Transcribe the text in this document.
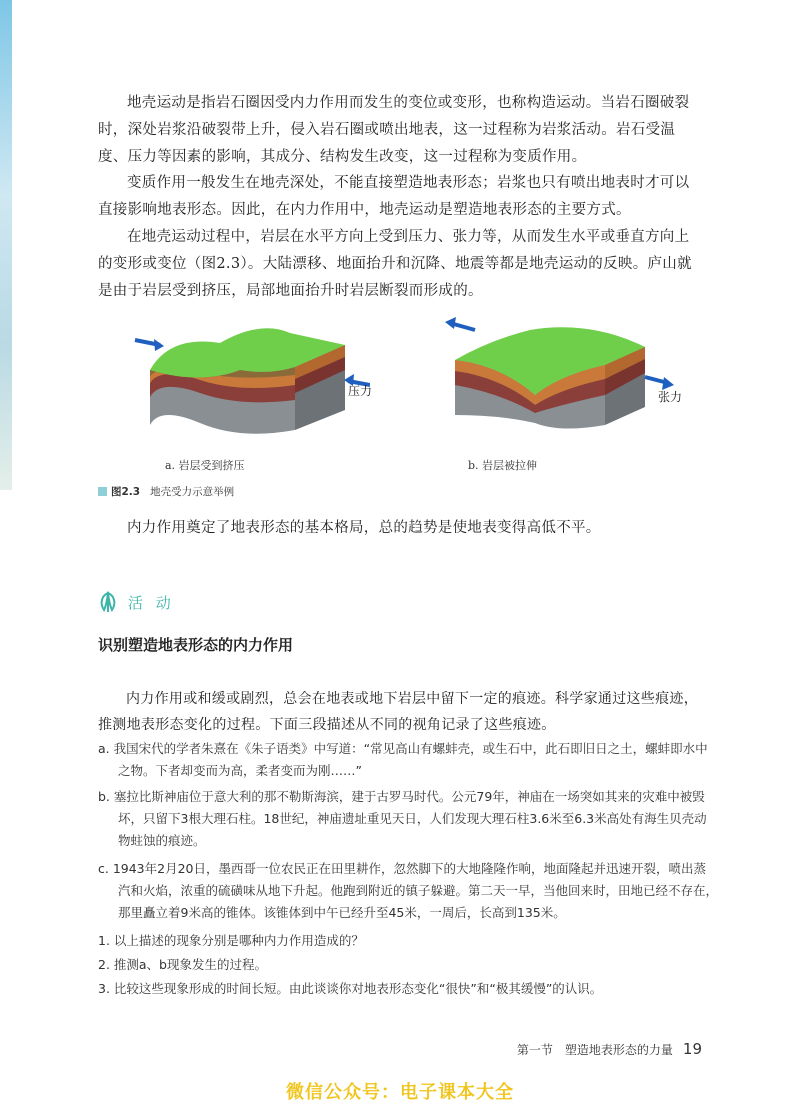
地壳运动是指岩石圈因受内力作用而发生的变位或变形，也称构造运动。当岩石圈破裂时，深处岩浆沿破裂带上升，侵入岩石圈或喷出地表，这一过程称为岩浆活动。岩石受温度、压力等因素的影响，其成分、结构发生改变，这一过程称为变质作用。

变质作用一般发生在地壳深处，不能直接塑造地表形态；岩浆也只有喷出地表时才可以直接影响地表形态。因此，在内力作用中，地壳运动是塑造地表形态的主要方式。

在地壳运动过程中，岩层在水平方向上受到压力、张力等，从而发生水平或垂直方向上的变形或变位（图2.3）。大陆漂移、地面抬升和沉降、地震等都是地壳运动的反映。庐山就是由于岩层受到挤压，局部地面抬升时岩层断裂而形成的。

压力	张力
a. 岩层受到挤压	b. 岩层被拉伸
图2.3 地壳受力示意举例

内力作用奠定了地表形态的基本格局，总的趋势是使地表变得高低不平。

活 动
识别塑造地表形态的内力作用

内力作用或和缓或剧烈，总会在地表或地下岩层中留下一定的痕迹。科学家通过这些痕迹，推测地表形态变化的过程。下面三段描述从不同的视角记录了这些痕迹。

a. 我国宋代的学者朱熹在《朱子语类》中写道：“常见高山有螺蚌壳，或生石中，此石即旧日之土，螺蚌即水中之物。下者却变而为高，柔者变而为刚……”

b. 塞拉比斯神庙位于意大利的那不勒斯海滨，建于古罗马时代。公元79年，神庙在一场突如其来的灾难中被毁坏，只留下3根大理石柱。18世纪，神庙遗址重见天日，人们发现大理石柱3.6米至6.3米高处有海生贝壳动物蛀蚀的痕迹。

c. 1943年2月20日，墨西哥一位农民正在田里耕作，忽然脚下的大地隆隆作响，地面隆起并迅速开裂，喷出蒸汽和火焰，浓重的硫磺味从地下升起。他跑到附近的镇子躲避。第二天一早，当他回来时，田地已经不存在，那里矗立着9米高的锥体。该锥体到中午已经升至45米，一周后，长高到135米。

1. 以上描述的现象分别是哪种内力作用造成的？

2. 推测a、b现象发生的过程。

3. 比较这些现象形成的时间长短。由此谈谈你对地表形态变化“很快”和“极其缓慢”的认识。

第一节　塑造地表形态的力量 19
微信公众号：电子课本大全
